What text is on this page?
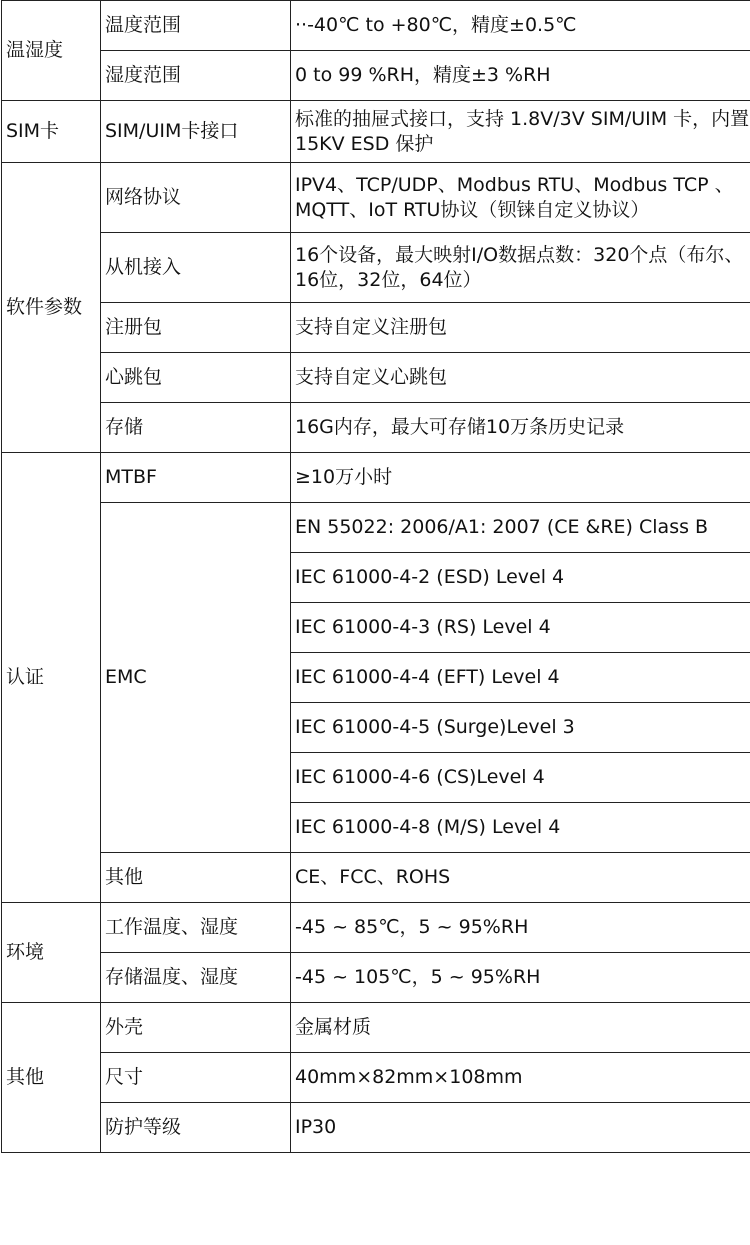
温湿度	温度范围	··-40℃ to +80℃，精度±0.5℃
	湿度范围	0 to 99 %RH，精度±3 %RH
SIM卡	SIM/UIM卡接口	标准的抽屉式接口，支持 1.8V/3V SIM/UIM 卡，内置 15KV ESD 保护
软件参数	网络协议	IPV4、TCP/UDP、Modbus RTU、Modbus TCP 、MQTT、IoT RTU协议（钡铼自定义协议）
	从机接入	16个设备，最大映射I/O数据点数：320个点（布尔、16位，32位，64位）
	注册包	支持自定义注册包
	心跳包	支持自定义心跳包
	存储	16G内存，最大可存储10万条历史记录
认证	MTBF	≥10万小时
	EMC	EN 55022: 2006/A1: 2007 (CE &RE) Class B
		IEC 61000-4-2 (ESD) Level 4
		IEC 61000-4-3 (RS) Level 4
		IEC 61000-4-4 (EFT) Level 4
		IEC 61000-4-5 (Surge)Level 3
		IEC 61000-4-6 (CS)Level 4
		IEC 61000-4-8 (M/S) Level 4
	其他	CE、FCC、ROHS
环境	工作温度、湿度	-45 ~ 85℃，5 ~ 95%RH
	存储温度、湿度	-45 ~ 105℃，5 ~ 95%RH
其他	外壳	金属材质
	尺寸	40mm×82mm×108mm
	防护等级	IP30
